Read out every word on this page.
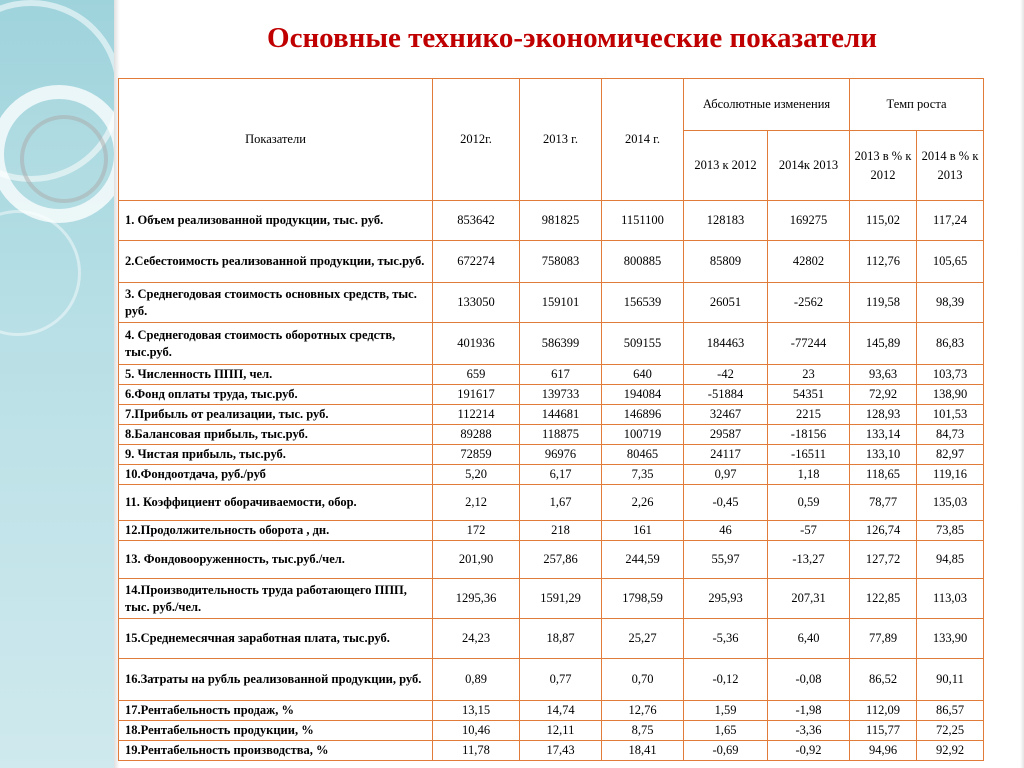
Основные технико-экономические показатели
Показатели	2012г.	2013 г.	2014 г.	Абсолютные изменения		Темп роста	
				2013 к 2012	2014к 2013	2013 в % к 2012	2014 в % к 2013
1. Объем реализованной продукции, тыс. руб.	853642	981825	1151100	128183	169275	115,02	117,24
2.Себестоимость реализованной продукции, тыс.руб.	672274	758083	800885	85809	42802	112,76	105,65
3. Среднегодовая стоимость основных средств, тыс. руб.	133050	159101	156539	26051	-2562	119,58	98,39
4. Среднегодовая стоимость оборотных средств, тыс.руб.	401936	586399	509155	184463	-77244	145,89	86,83
5. Численность ППП, чел.	659	617	640	-42	23	93,63	103,73
6.Фонд оплаты труда, тыс.руб.	191617	139733	194084	-51884	54351	72,92	138,90
7.Прибыль от реализации, тыс. руб.	112214	144681	146896	32467	2215	128,93	101,53
8.Балансовая прибыль, тыс.руб.	89288	118875	100719	29587	-18156	133,14	84,73
9. Чистая прибыль, тыс.руб.	72859	96976	80465	24117	-16511	133,10	82,97
10.Фондоотдача, руб./руб	5,20	6,17	7,35	0,97	1,18	118,65	119,16
11. Коэффициент оборачиваемости, обор.	2,12	1,67	2,26	-0,45	0,59	78,77	135,03
12.Продолжительность оборота , дн.	172	218	161	46	-57	126,74	73,85
13. Фондовооруженность, тыс.руб./чел.	201,90	257,86	244,59	55,97	-13,27	127,72	94,85
14.Производительность труда работающего ППП, тыс. руб./чел.	1295,36	1591,29	1798,59	295,93	207,31	122,85	113,03
15.Среднемесячная заработная плата, тыс.руб.	24,23	18,87	25,27	-5,36	6,40	77,89	133,90
16.Затраты на рубль реализованной продукции, руб.	0,89	0,77	0,70	-0,12	-0,08	86,52	90,11
17.Рентабельность продаж, %	13,15	14,74	12,76	1,59	-1,98	112,09	86,57
18.Рентабельность продукции, %	10,46	12,11	8,75	1,65	-3,36	115,77	72,25
19.Рентабельность производства, %	11,78	17,43	18,41	-0,69	-0,92	94,96	92,92
